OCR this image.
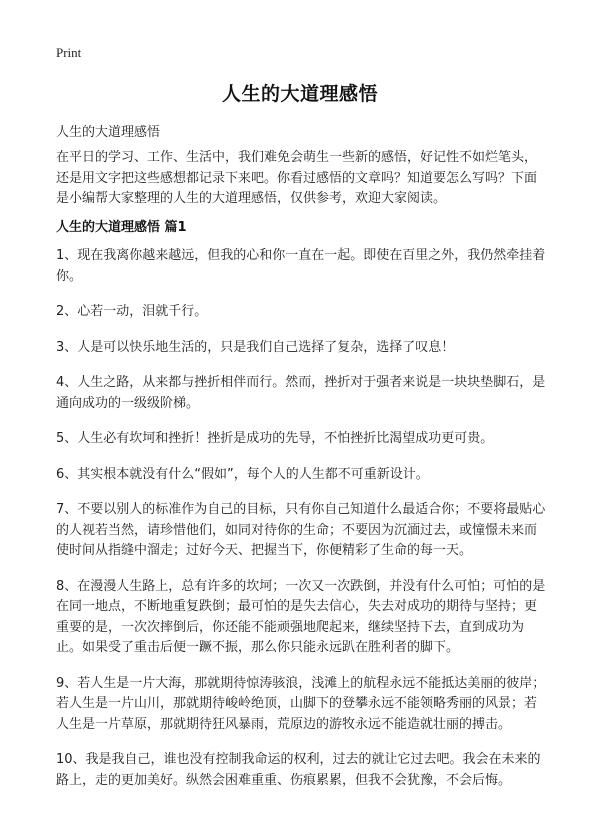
Print
人生的大道理感悟
人生的大道理感悟
在平日的学习、工作、生活中，我们难免会萌生一些新的感悟，好记性不如烂笔头，还是用文字把这些感想都记录下来吧。你看过感悟的文章吗？知道要怎么写吗？下面是小编帮大家整理的人生的大道理感悟，仅供参考，欢迎大家阅读。
人生的大道理感悟 篇1
1、现在我离你越来越远，但我的心和你一直在一起。即使在百里之外，我仍然牵挂着你。
2、心若一动，泪就千行。
3、人是可以快乐地生活的，只是我们自己选择了复杂，选择了叹息！
4、人生之路，从来都与挫折相伴而行。然而，挫折对于强者来说是一块块垫脚石，是通向成功的一级级阶梯。
5、人生必有坎坷和挫折！挫折是成功的先导，不怕挫折比渴望成功更可贵。
6、其实根本就没有什么“假如”，每个人的人生都不可重新设计。
7、不要以别人的标准作为自己的目标，只有你自己知道什么最适合你；不要将最贴心的人视若当然，请珍惜他们，如同对待你的生命；不要因为沉湎过去，或憧憬未来而使时间从指缝中溜走；过好今天、把握当下，你便精彩了生命的每一天。
8、在漫漫人生路上，总有许多的坎坷；一次又一次跌倒，并没有什么可怕；可怕的是在同一地点，不断地重复跌倒；最可怕的是失去信心，失去对成功的期待与坚持；更重要的是，一次次摔倒后，你还能不能顽强地爬起来，继续坚持下去，直到成功为止。如果受了重击后便一蹶不振，那么你只能永远趴在胜利者的脚下。
9、若人生是一片大海，那就期待惊涛骇浪，浅滩上的航程永远不能抵达美丽的彼岸；若人生是一片山川，那就期待峻岭绝顶，山脚下的登攀永远不能领略秀丽的风景；若人生是一片草原，那就期待狂风暴雨，荒原边的游牧永远不能造就壮丽的搏击。
10、我是我自己，谁也没有控制我命运的权利，过去的就让它过去吧。我会在未来的路上，走的更加美好。纵然会困难重重、伤痕累累，但我不会犹豫，不会后悔。
